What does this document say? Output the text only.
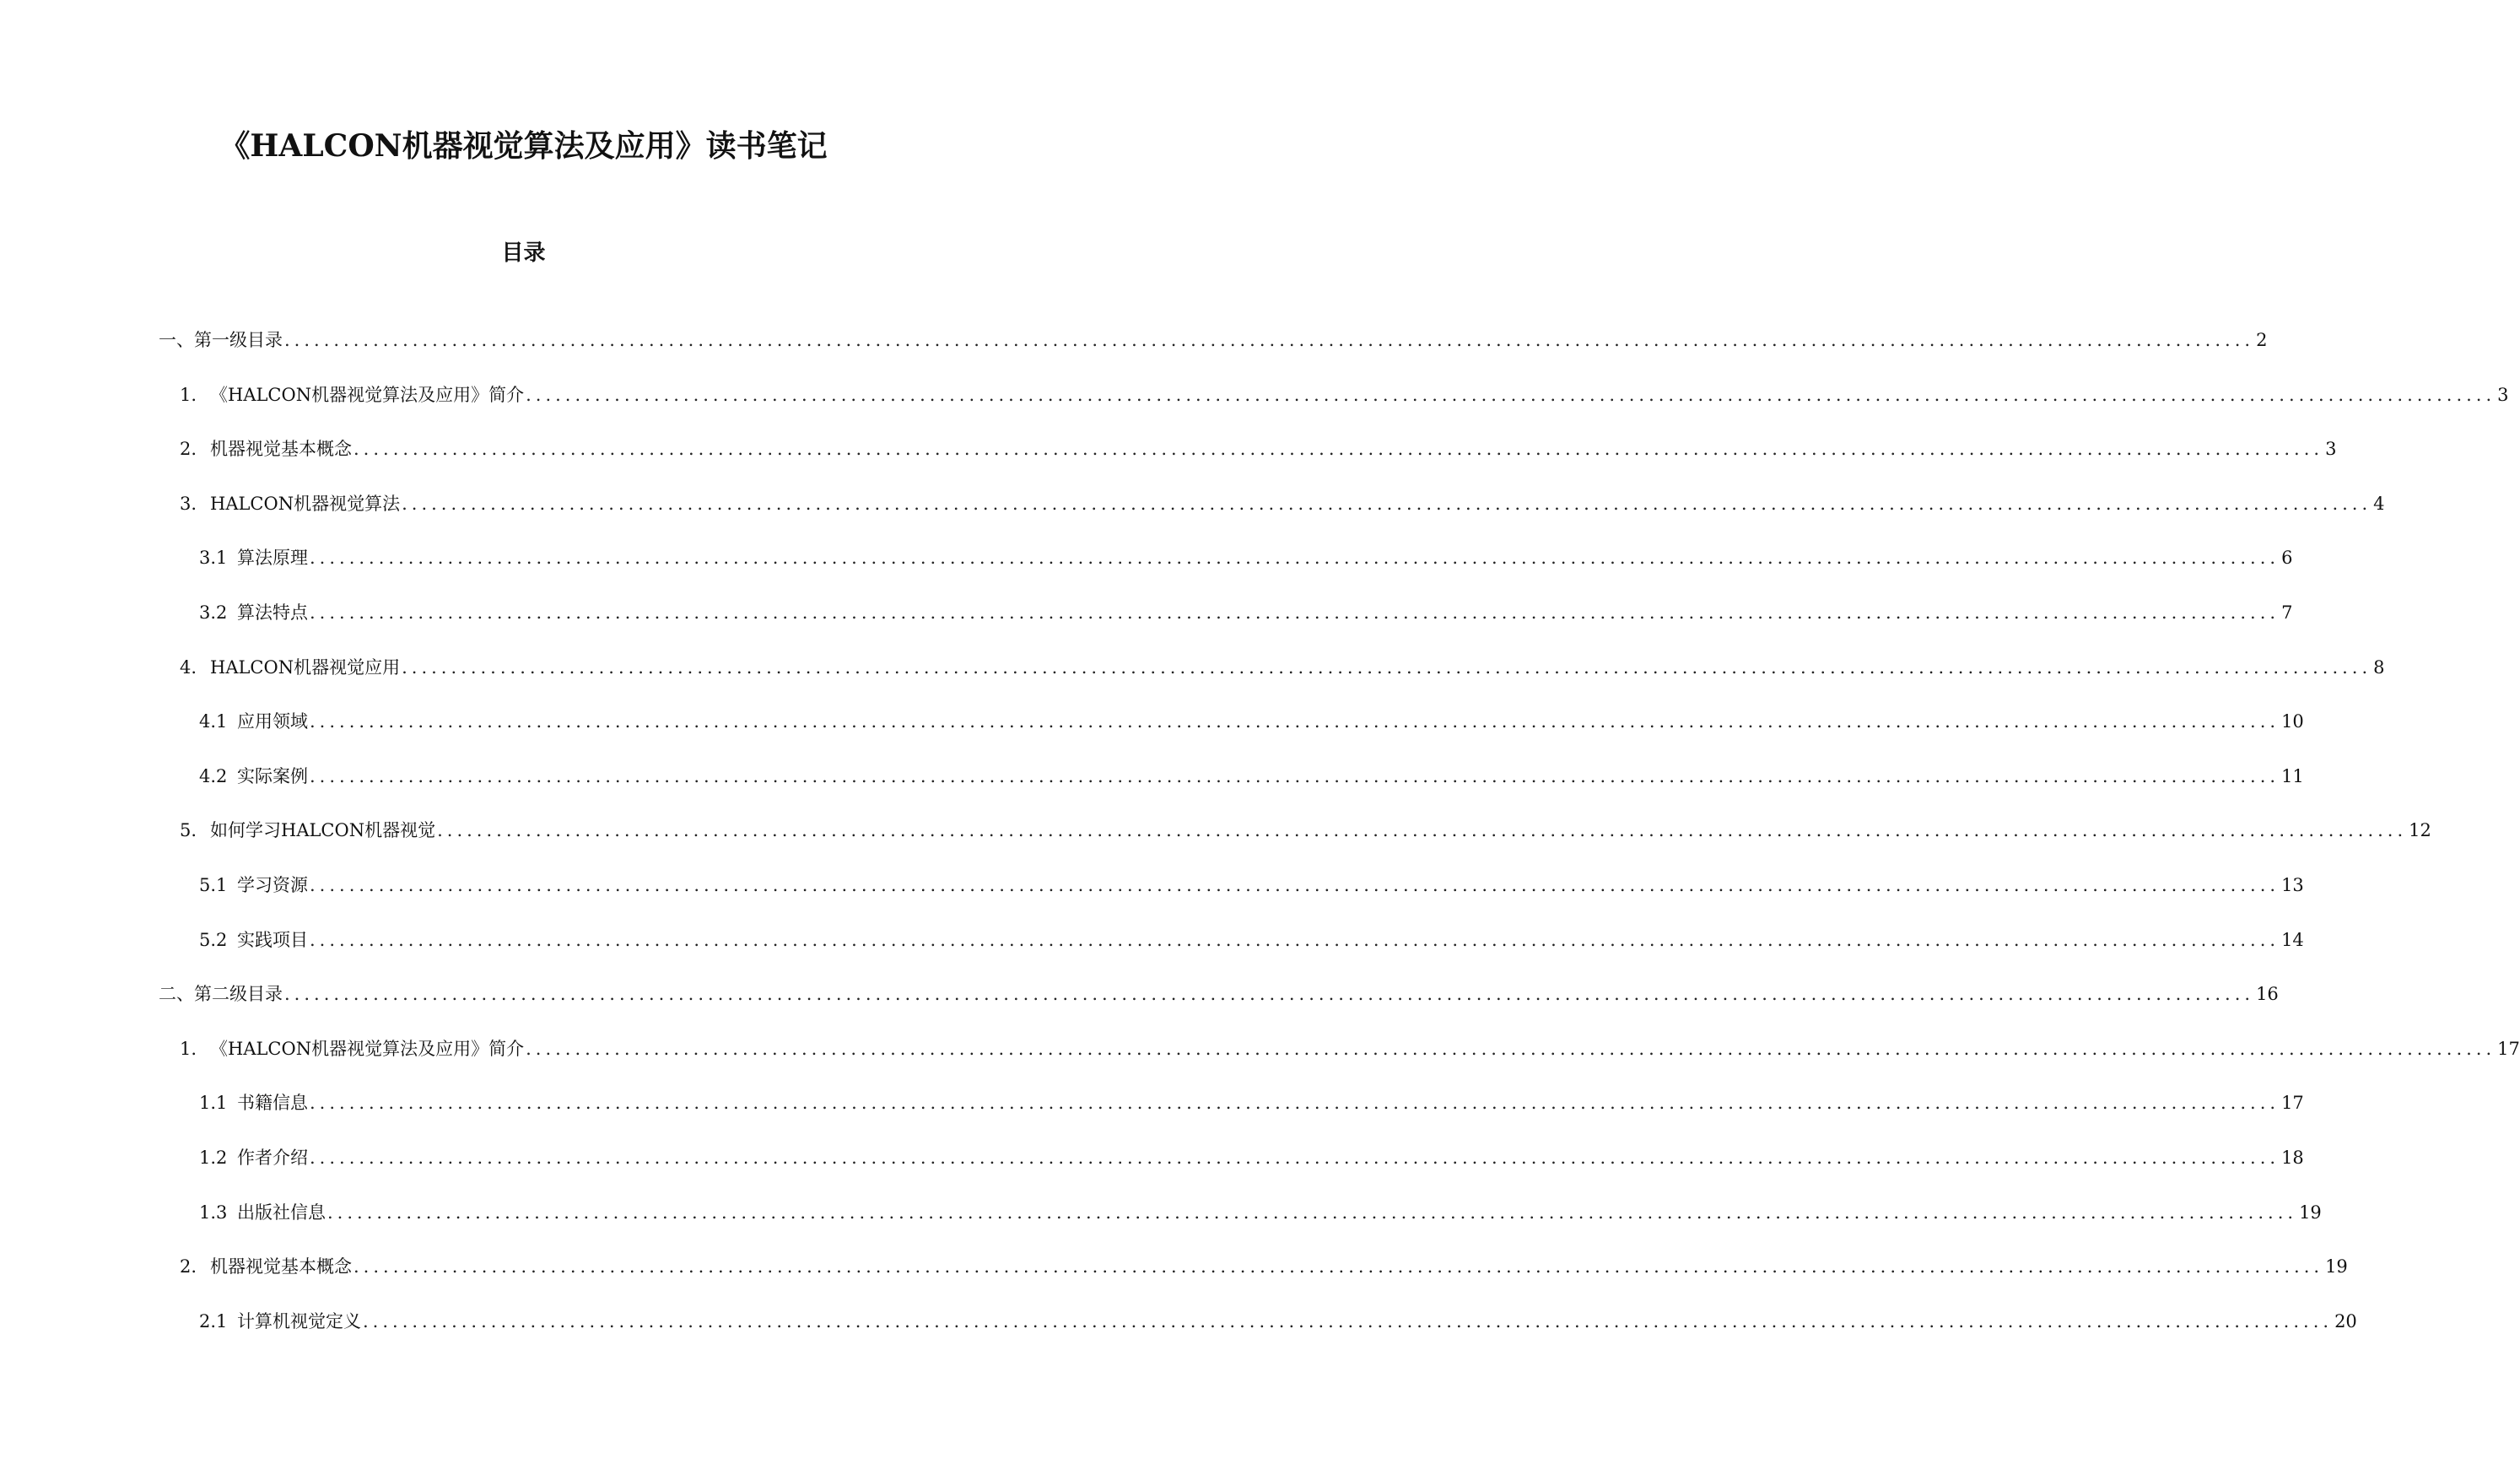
《HALCON机器视觉算法及应用》读书笔记
目录
一、第一级目录 ........................................................................................................................................................................................................ 2
1. 《HALCON机器视觉算法及应用》简介 ........................................................................................................................................................................................................ 3
2. 机器视觉基本概念 ........................................................................................................................................................................................................ 3
3. HALCON机器视觉算法 ........................................................................................................................................................................................................ 4
3.1 算法原理 ........................................................................................................................................................................................................ 6
3.2 算法特点 ........................................................................................................................................................................................................ 7
4. HALCON机器视觉应用 ........................................................................................................................................................................................................ 8
4.1 应用领域 ........................................................................................................................................................................................................ 10
4.2 实际案例 ........................................................................................................................................................................................................ 11
5. 如何学习HALCON机器视觉 ........................................................................................................................................................................................................ 12
5.1 学习资源 ........................................................................................................................................................................................................ 13
5.2 实践项目 ........................................................................................................................................................................................................ 14
二、第二级目录 ........................................................................................................................................................................................................ 16
1. 《HALCON机器视觉算法及应用》简介 ........................................................................................................................................................................................................ 17
1.1 书籍信息 ........................................................................................................................................................................................................ 17
1.2 作者介绍 ........................................................................................................................................................................................................ 18
1.3 出版社信息 ........................................................................................................................................................................................................ 19
2. 机器视觉基本概念 ........................................................................................................................................................................................................ 19
2.1 计算机视觉定义 ........................................................................................................................................................................................................ 20
